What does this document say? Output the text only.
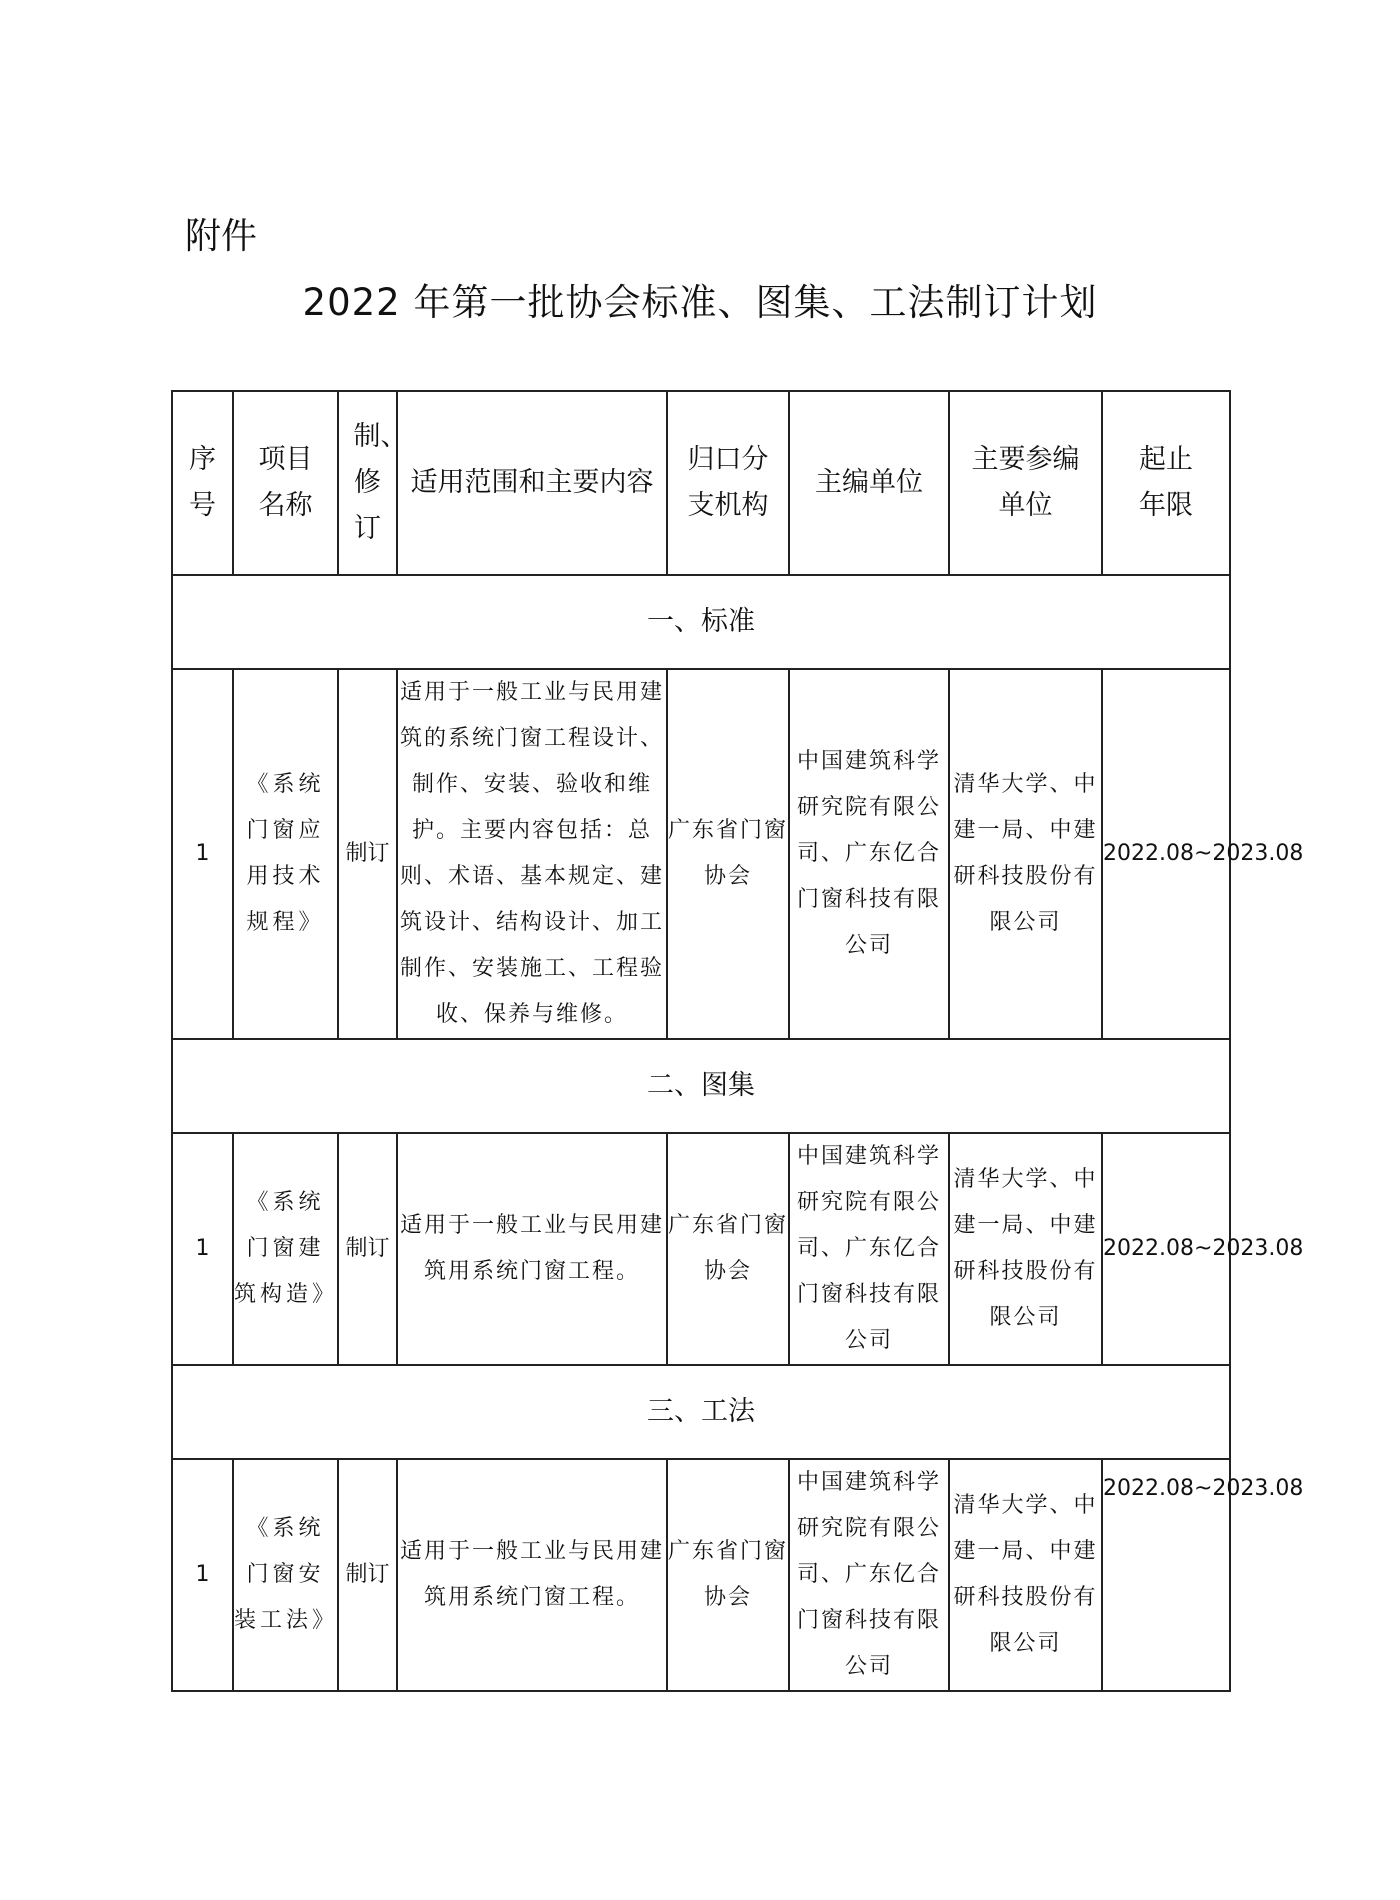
附件
2022 年第一批协会标准、图集、工法制订计划
序号	项目名称	制、修订	适用范围和主要内容	归口分支机构	主编单位	主要参编单位	起止年限
一、标准							
1	《系统门窗应用技术规程》	制订	适用于一般工业与民用建筑的系统门窗工程设计、制作、安装、验收和维护。主要内容包括：总则、术语、基本规定、建筑设计、结构设计、加工制作、安装施工、工程验收、保养与维修。	广东省门窗协会	中国建筑科学研究院有限公司、广东亿合门窗科技有限公司	清华大学、中建一局、中建研科技股份有限公司	2022.08~2023.08
二、图集							
1	《系统门窗建筑构造》	制订	适用于一般工业与民用建筑用系统门窗工程。	广东省门窗协会	中国建筑科学研究院有限公司、广东亿合门窗科技有限公司	清华大学、中建一局、中建研科技股份有限公司	2022.08~2023.08
三、工法							
1	《系统门窗安装工法》	制订	适用于一般工业与民用建筑用系统门窗工程。	广东省门窗协会	中国建筑科学研究院有限公司、广东亿合门窗科技有限公司	清华大学、中建一局、中建研科技股份有限公司	2022.08~2023.08
